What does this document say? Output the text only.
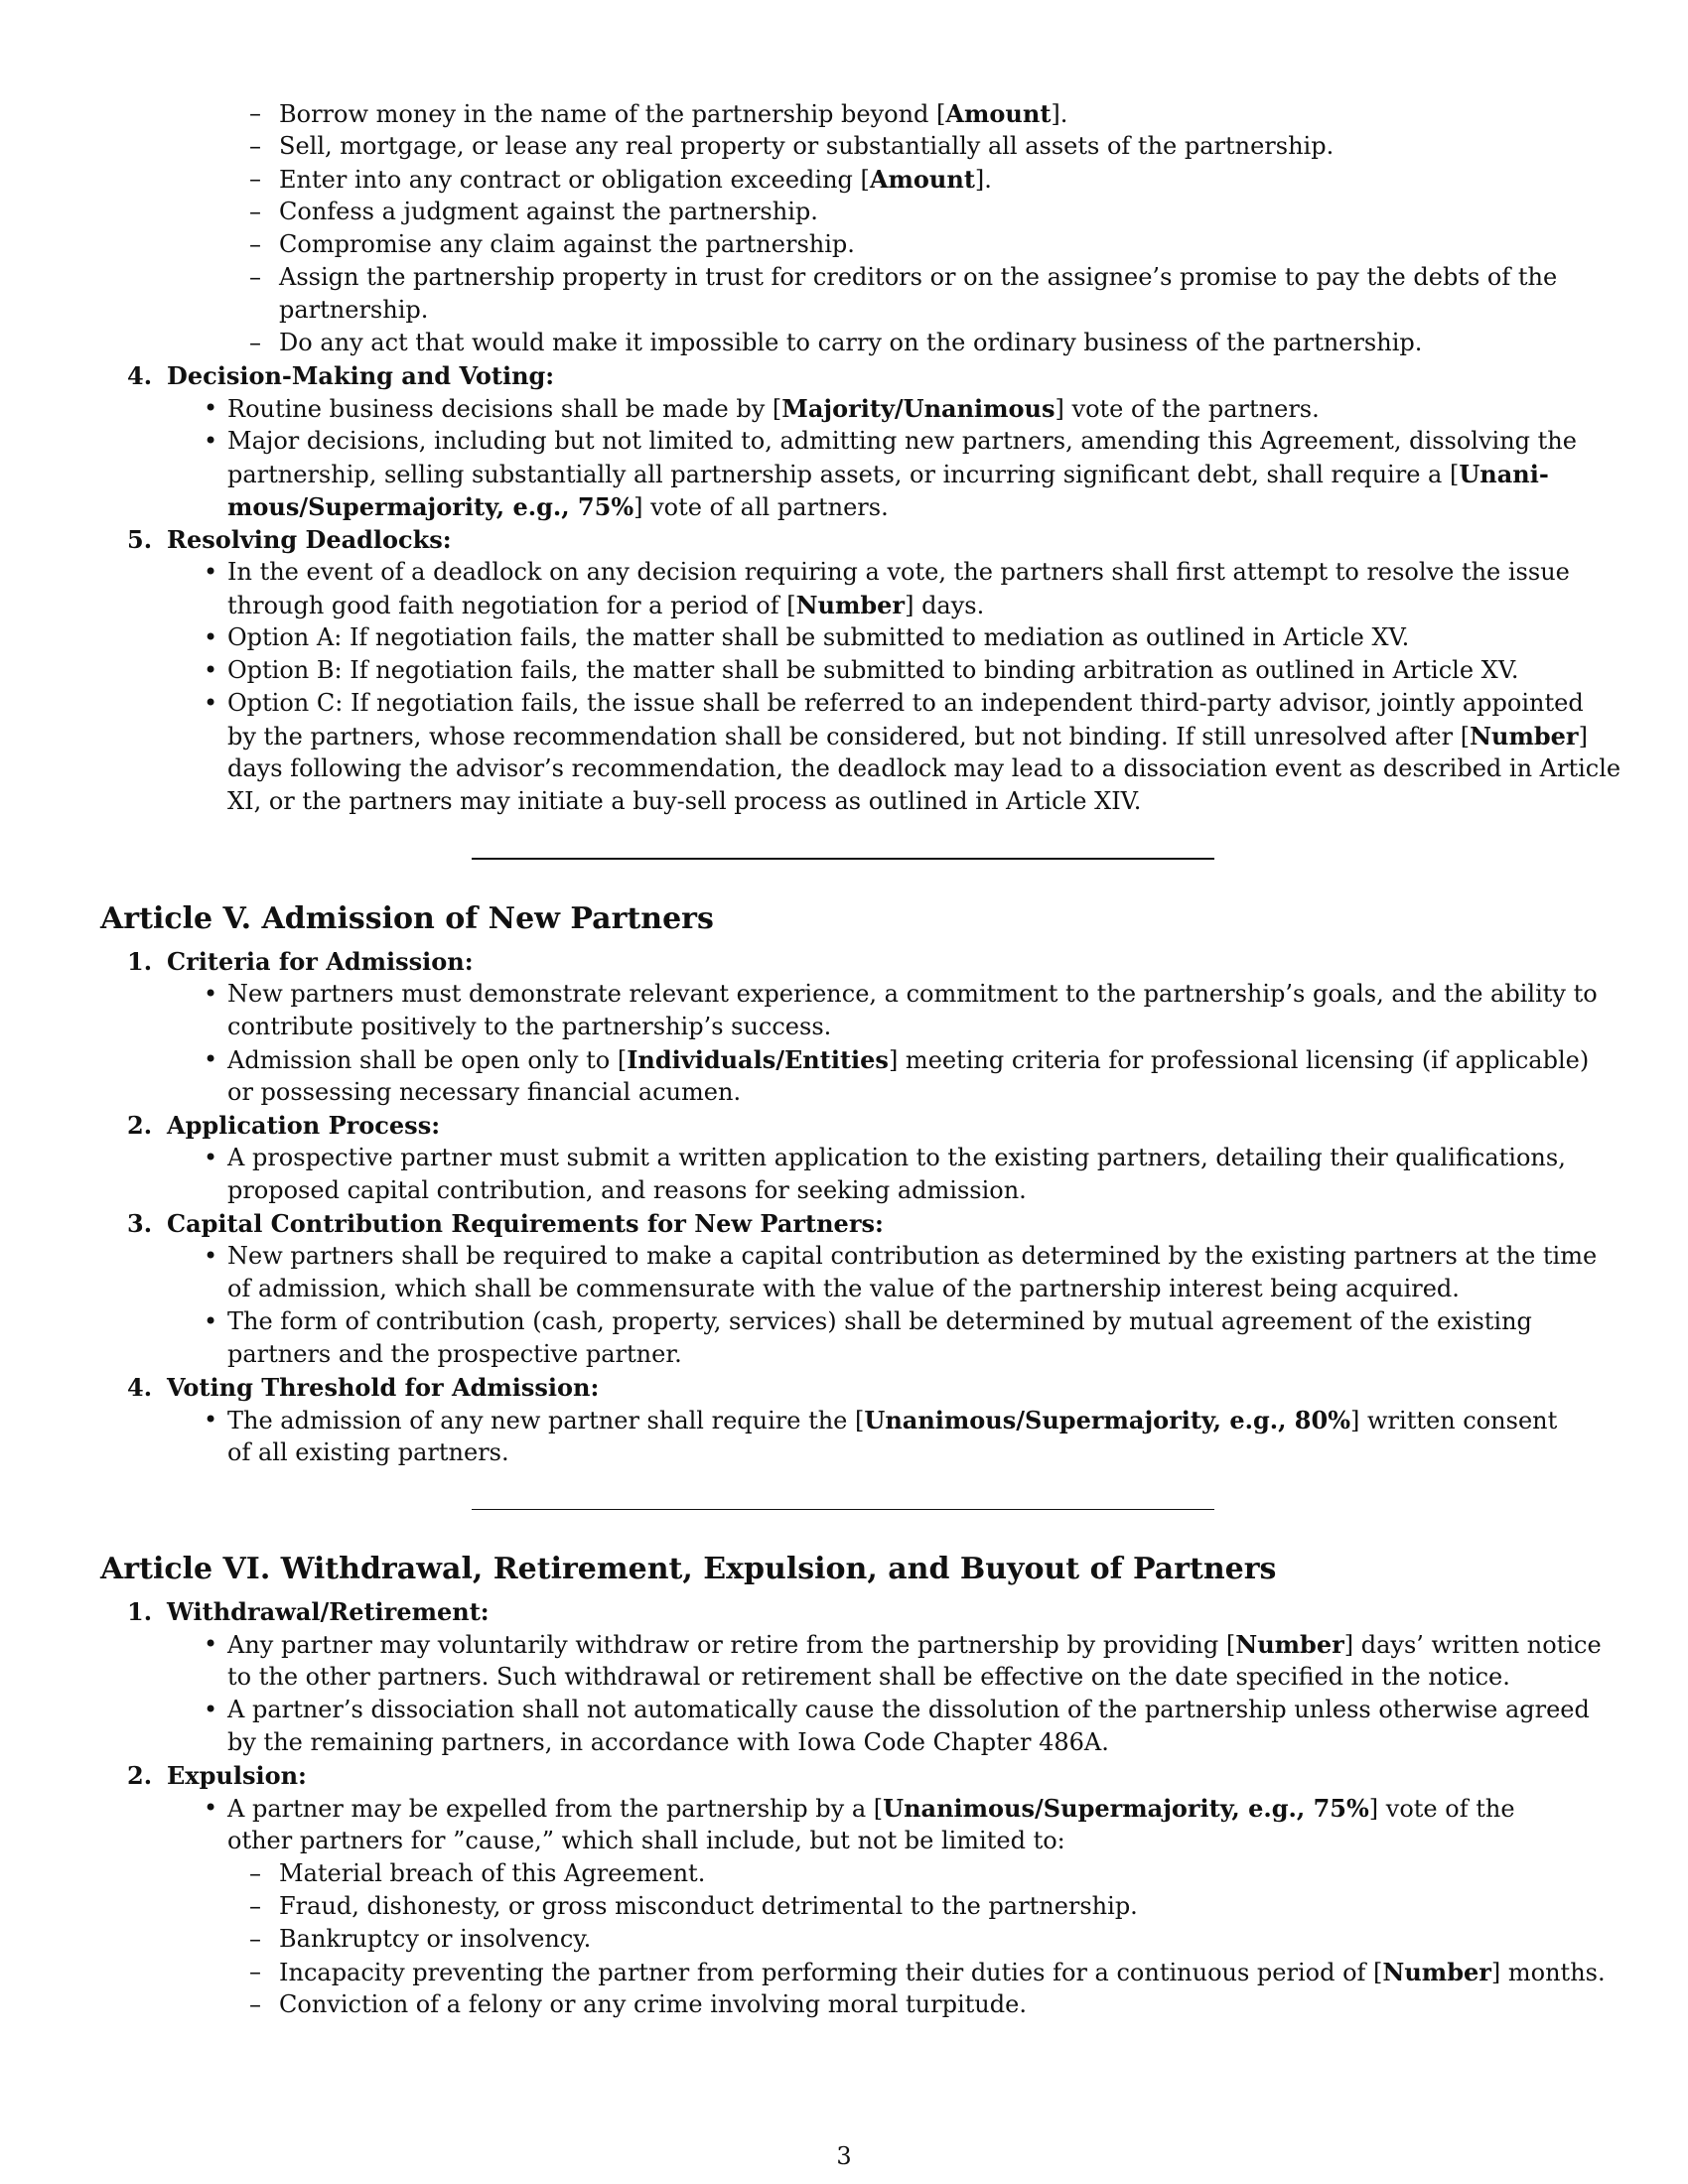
– Borrow money in the name of the partnership beyond [Amount].
– Sell, mortgage, or lease any real property or substantially all assets of the partnership.
– Enter into any contract or obligation exceeding [Amount].
– Confess a judgment against the partnership.
– Compromise any claim against the partnership.
– Assign the partnership property in trust for creditors or on the assignee’s promise to pay the debts of the
partnership.
– Do any act that would make it impossible to carry on the ordinary business of the partnership.
4. Decision-Making and Voting:
• Routine business decisions shall be made by [Majority/Unanimous] vote of the partners.
• Major decisions, including but not limited to, admitting new partners, amending this Agreement, dissolving the
partnership, selling substantially all partnership assets, or incurring significant debt, shall require a [Unani-
mous/Supermajority, e.g., 75%] vote of all partners.
5. Resolving Deadlocks:
• In the event of a deadlock on any decision requiring a vote, the partners shall first attempt to resolve the issue
through good faith negotiation for a period of [Number] days.
• Option A: If negotiation fails, the matter shall be submitted to mediation as outlined in Article XV.
• Option B: If negotiation fails, the matter shall be submitted to binding arbitration as outlined in Article XV.
• Option C: If negotiation fails, the issue shall be referred to an independent third-party advisor, jointly appointed
by the partners, whose recommendation shall be considered, but not binding. If still unresolved after [Number]
days following the advisor’s recommendation, the deadlock may lead to a dissociation event as described in Article
XI, or the partners may initiate a buy-sell process as outlined in Article XIV.
Article V. Admission of New Partners
1. Criteria for Admission:
• New partners must demonstrate relevant experience, a commitment to the partnership’s goals, and the ability to
contribute positively to the partnership’s success.
• Admission shall be open only to [Individuals/Entities] meeting criteria for professional licensing (if applicable)
or possessing necessary financial acumen.
2. Application Process:
• A prospective partner must submit a written application to the existing partners, detailing their qualifications,
proposed capital contribution, and reasons for seeking admission.
3. Capital Contribution Requirements for New Partners:
• New partners shall be required to make a capital contribution as determined by the existing partners at the time
of admission, which shall be commensurate with the value of the partnership interest being acquired.
• The form of contribution (cash, property, services) shall be determined by mutual agreement of the existing
partners and the prospective partner.
4. Voting Threshold for Admission:
• The admission of any new partner shall require the [Unanimous/Supermajority, e.g., 80%] written consent
of all existing partners.
Article VI. Withdrawal, Retirement, Expulsion, and Buyout of Partners
1. Withdrawal/Retirement:
• Any partner may voluntarily withdraw or retire from the partnership by providing [Number] days’ written notice
to the other partners. Such withdrawal or retirement shall be effective on the date specified in the notice.
• A partner’s dissociation shall not automatically cause the dissolution of the partnership unless otherwise agreed
by the remaining partners, in accordance with Iowa Code Chapter 486A.
2. Expulsion:
• A partner may be expelled from the partnership by a [Unanimous/Supermajority, e.g., 75%] vote of the
other partners for ”cause,” which shall include, but not be limited to:
– Material breach of this Agreement.
– Fraud, dishonesty, or gross misconduct detrimental to the partnership.
– Bankruptcy or insolvency.
– Incapacity preventing the partner from performing their duties for a continuous period of [Number] months.
– Conviction of a felony or any crime involving moral turpitude.
3
